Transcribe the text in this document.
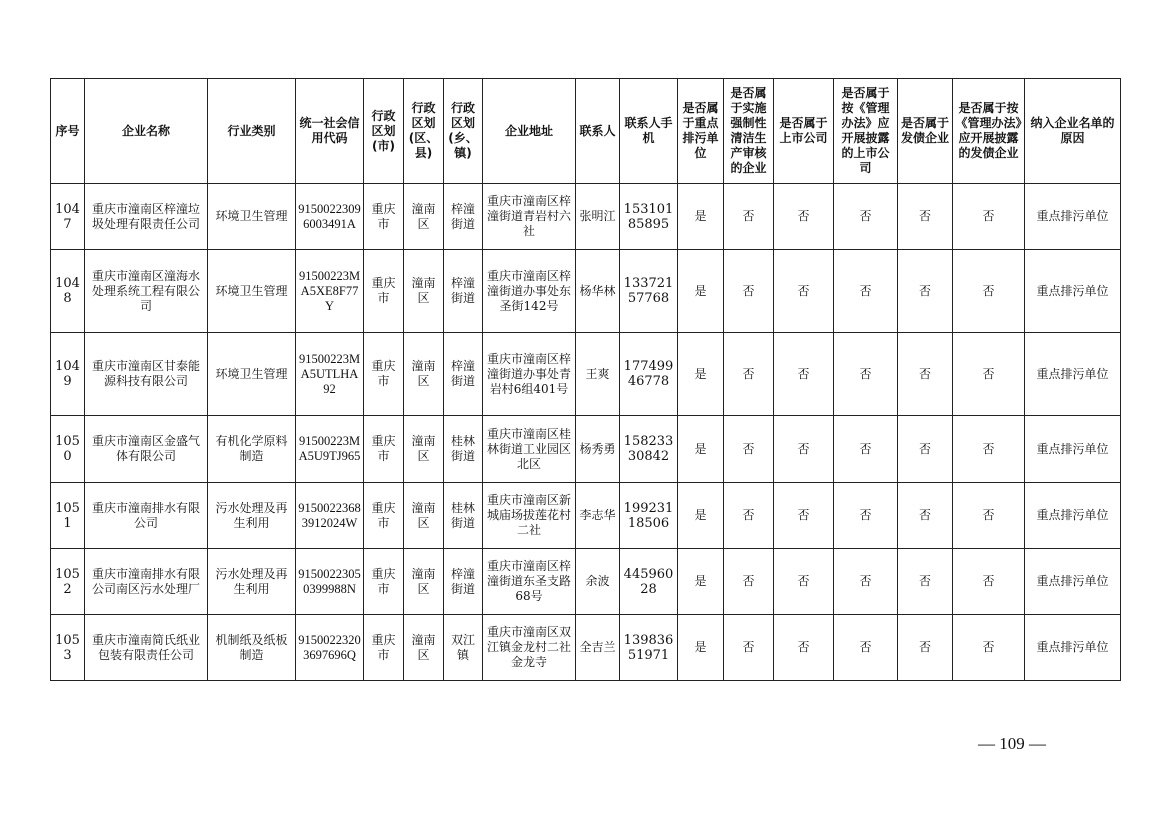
序号	企业名称	行业类别	统一社会信用代码	行政区划(市)	行政区划(区、县)	行政区划(乡、镇)	企业地址	联系人	联系人手机	是否属于重点排污单位	是否属于实施强制性清洁生产审核的企业	是否属于上市公司	是否属于按《管理办法》应开展披露的上市公司	是否属于发债企业	是否属于按《管理办法》应开展披露的发债企业	纳入企业名单的原因
1047	重庆市潼南区梓潼垃圾处理有限责任公司	环境卫生管理	91500223096003491A	重庆市	潼南区	梓潼街道	重庆市潼南区梓潼街道青岩村六社	张明江	15310185895	是	否	否	否	否	否	重点排污单位
1048	重庆市潼南区潼海水处理系统工程有限公司	环境卫生管理	91500223MA5XE8F77Y	重庆市	潼南区	梓潼街道	重庆市潼南区梓潼街道办事处东圣街142号	杨华林	13372157768	是	否	否	否	否	否	重点排污单位
1049	重庆市潼南区甘泰能源科技有限公司	环境卫生管理	91500223MA5UTLHA92	重庆市	潼南区	梓潼街道	重庆市潼南区梓潼街道办事处青岩村6组401号	王爽	17749946778	是	否	否	否	否	否	重点排污单位
1050	重庆市潼南区金盛气体有限公司	有机化学原料制造	91500223MA5U9TJ965	重庆市	潼南区	桂林街道	重庆市潼南区桂林街道工业园区北区	杨秀勇	15823330842	是	否	否	否	否	否	重点排污单位
1051	重庆市潼南排水有限公司	污水处理及再生利用	91500223683912024W	重庆市	潼南区	桂林街道	重庆市潼南区新城庙场拔莲花村二社	李志华	19923118506	是	否	否	否	否	否	重点排污单位
1052	重庆市潼南排水有限公司南区污水处理厂	污水处理及再生利用	91500223050399988N	重庆市	潼南区	梓潼街道	重庆市潼南区梓潼街道东圣支路68号	余波	44596028	是	否	否	否	否	否	重点排污单位
1053	重庆市潼南简氏纸业包装有限责任公司	机制纸及纸板制造	91500223203697696Q	重庆市	潼南区	双江镇	重庆市潼南区双江镇金龙村二社金龙寺	全吉兰	13983651971	是	否	否	否	否	否	重点排污单位
— 109 —
